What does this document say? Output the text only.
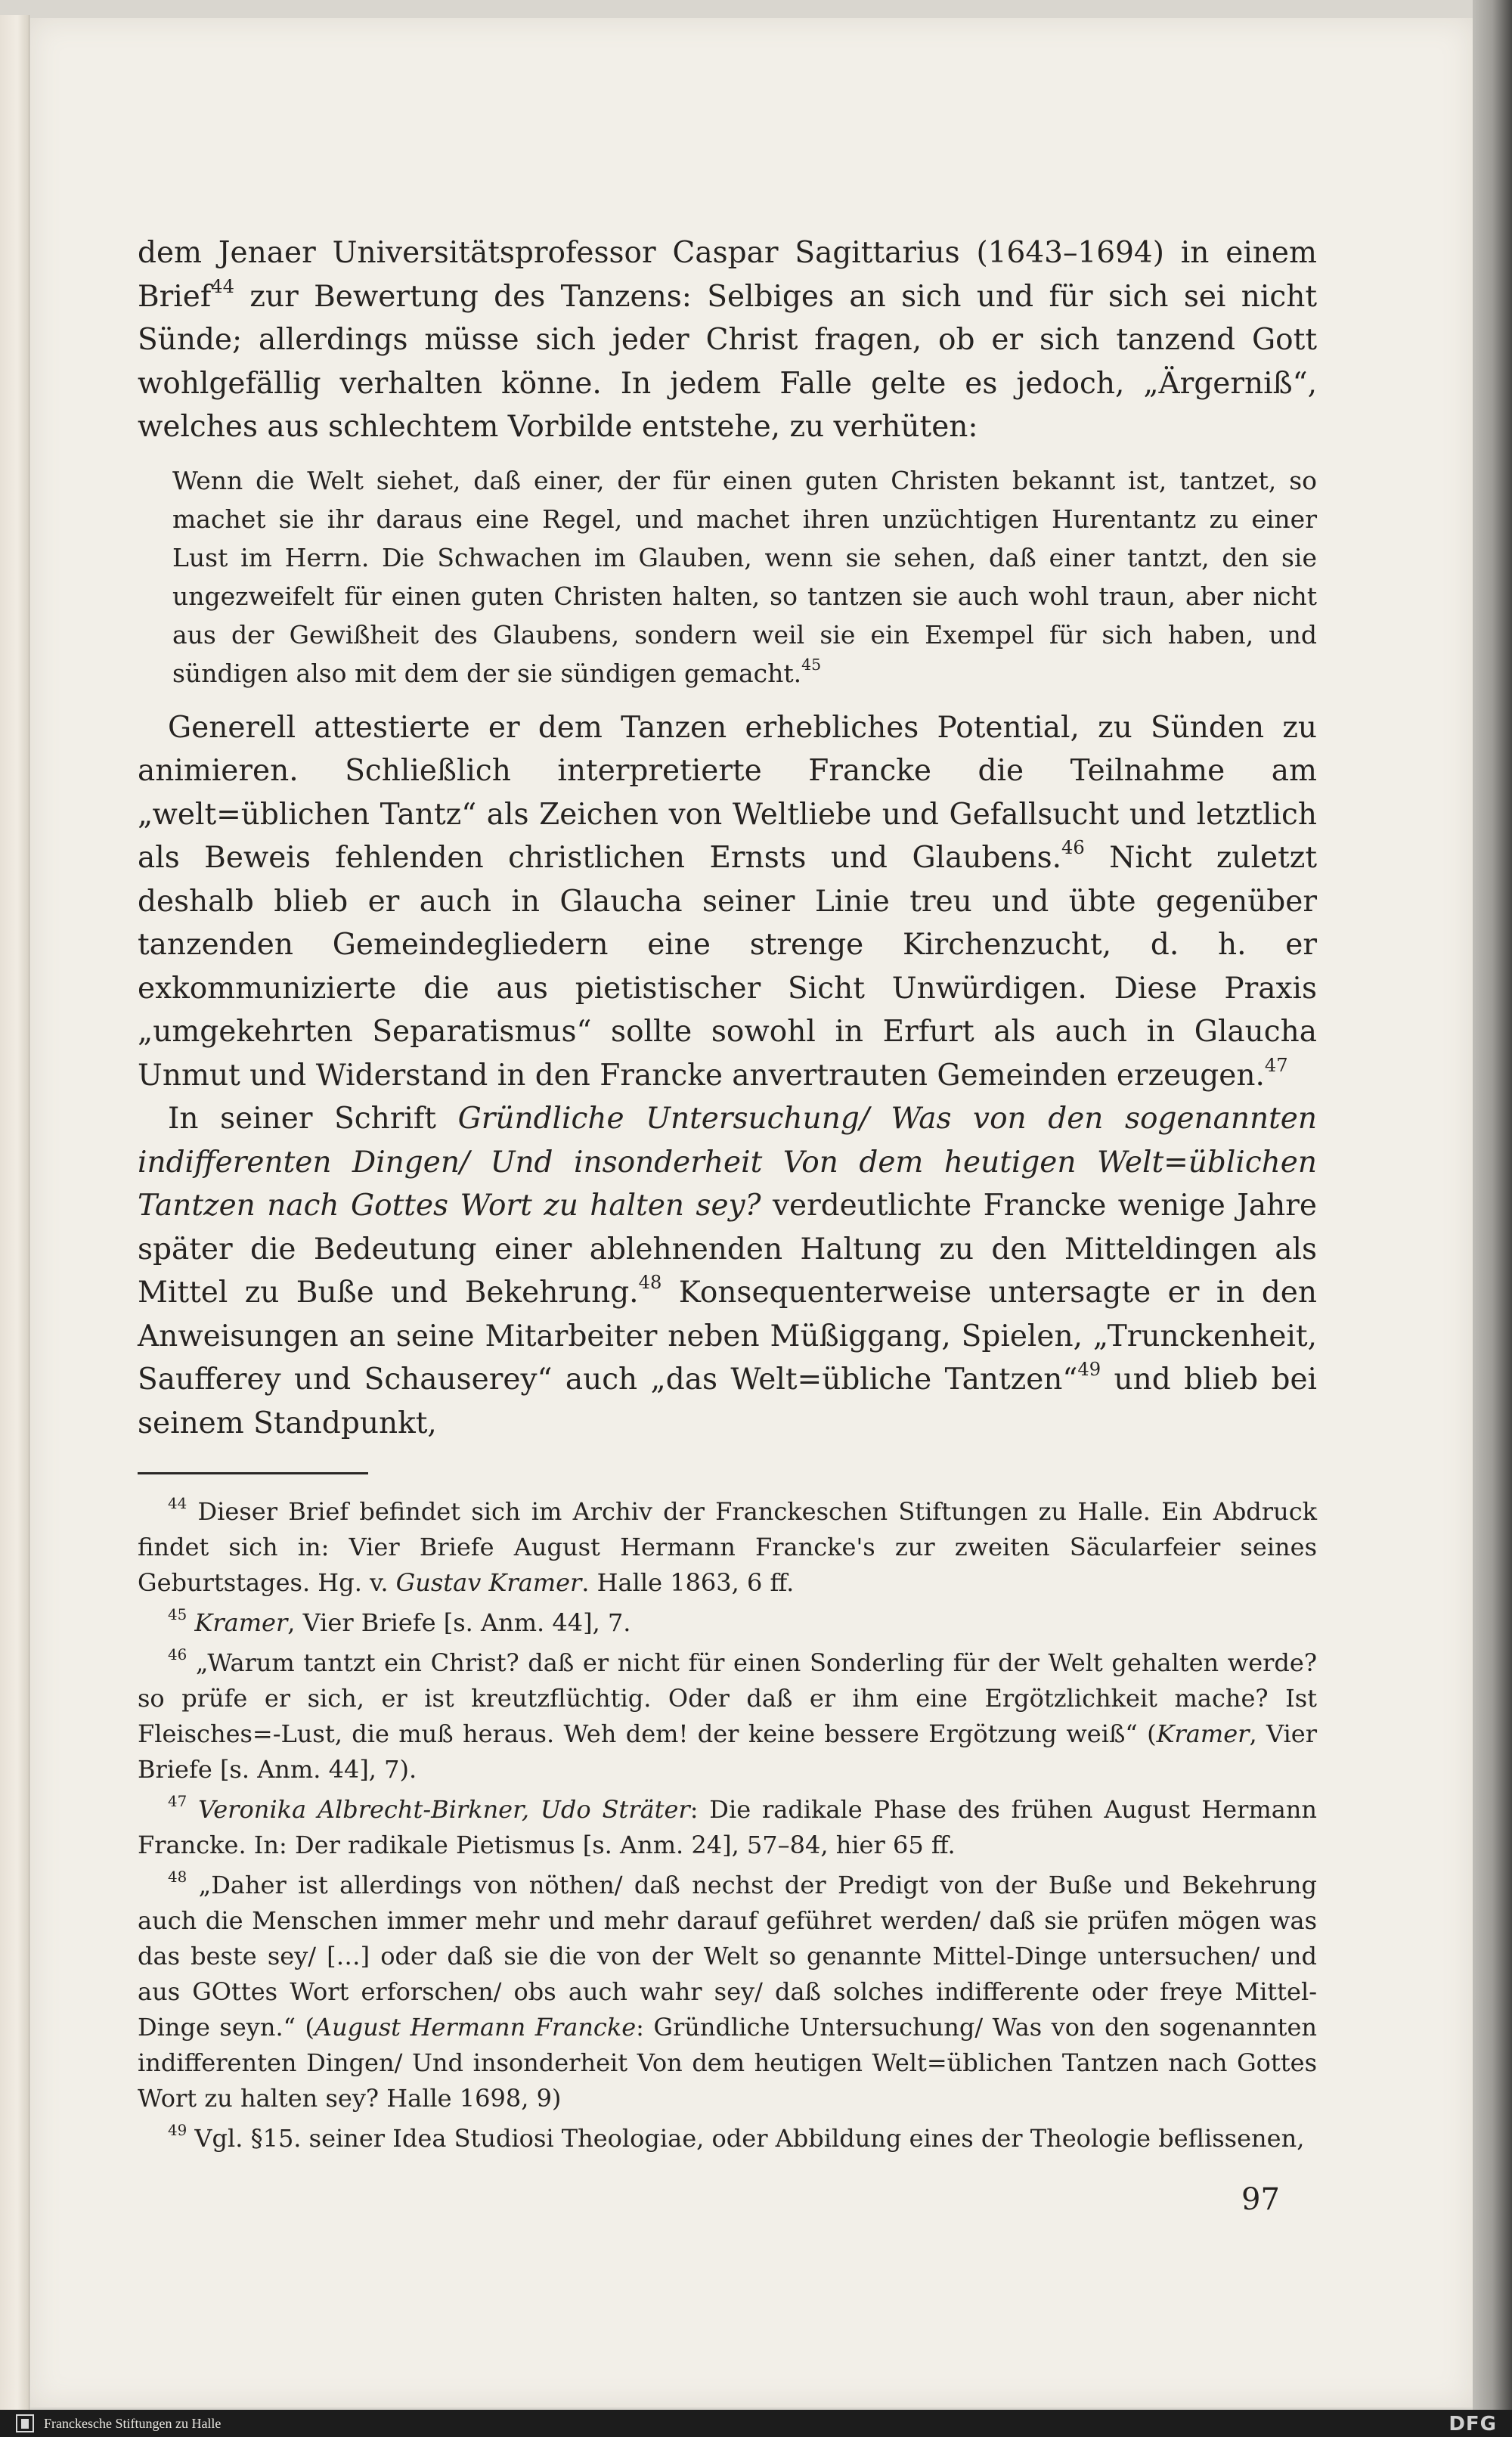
dem Jenaer Universitätsprofessor Caspar Sagittarius (1643–1694) in einem Brief$^{44}$ zur Bewertung des Tanzens: Selbiges an sich und für sich sei nicht Sünde; allerdings müsse sich jeder Christ fragen, ob er sich tanzend Gott wohlgefällig verhalten könne. In jedem Falle gelte es jedoch, „Ärgerniß“, welches aus schlechtem Vorbilde entstehe, zu verhüten:

Wenn die Welt siehet, daß einer, der für einen guten Christen bekannt ist, tantzet, so machet sie ihr daraus eine Regel, und machet ihren unzüchtigen Hurentantz zu einer Lust im Herrn. Die Schwachen im Glauben, wenn sie sehen, daß einer tantzt, den sie ungezweifelt für einen guten Christen halten, so tantzen sie auch wohl traun, aber nicht aus der Gewißheit des Glaubens, sondern weil sie ein Exempel für sich haben, und sündigen also mit dem der sie sündigen gemacht.$^{45}$

Generell attestierte er dem Tanzen erhebliches Potential, zu Sünden zu animieren. Schließlich interpretierte Francke die Teilnahme am „welt=üblichen Tantz“ als Zeichen von Weltliebe und Gefallsucht und letztlich als Beweis fehlenden christlichen Ernsts und Glaubens.$^{46}$ Nicht zuletzt deshalb blieb er auch in Glaucha seiner Linie treu und übte gegenüber tanzenden Gemeindegliedern eine strenge Kirchenzucht, d. h. er exkommunizierte die aus pietistischer Sicht Unwürdigen. Diese Praxis „umgekehrten Separatismus“ sollte sowohl in Erfurt als auch in Glaucha Unmut und Widerstand in den Francke anvertrauten Gemeinden erzeugen.$^{47}$

In seiner Schrift Gründliche Untersuchung/ Was von den sogenannten indifferenten Dingen/ Und insonderheit Von dem heutigen Welt=üblichen Tantzen nach Gottes Wort zu halten sey? verdeutlichte Francke wenige Jahre später die Bedeutung einer ablehnenden Haltung zu den Mitteldingen als Mittel zu Buße und Bekehrung.$^{48}$ Konsequenterweise untersagte er in den Anweisungen an seine Mitarbeiter neben Müßiggang, Spielen, „Trunckenheit, Saufferey und Schauserey“ auch „das Welt=übliche Tantzen“$^{49}$ und blieb bei seinem Standpunkt,

$^{44}$ Dieser Brief befindet sich im Archiv der Franckeschen Stiftungen zu Halle. Ein Abdruck findet sich in: Vier Briefe August Hermann Francke's zur zweiten Säcularfeier seines Geburtstages. Hg. v. Gustav Kramer. Halle 1863, 6 ff.

$^{45}$ Kramer, Vier Briefe [s. Anm. 44], 7.

$^{46}$ „Warum tantzt ein Christ? daß er nicht für einen Sonderling für der Welt gehalten werde? so prüfe er sich, er ist kreutzflüchtig. Oder daß er ihm eine Ergötzlichkeit mache? Ist Fleisches=-Lust, die muß heraus. Weh dem! der keine bessere Ergötzung weiß“ (Kramer, Vier Briefe [s. Anm. 44], 7).

$^{47}$ Veronika Albrecht-Birkner, Udo Sträter: Die radikale Phase des frühen August Hermann Francke. In: Der radikale Pietismus [s. Anm. 24], 57–84, hier 65 ff.

$^{48}$ „Daher ist allerdings von nöthen/ daß nechst der Predigt von der Buße und Bekehrung auch die Menschen immer mehr und mehr darauf geführet werden/ daß sie prüfen mögen was das beste sey/ […] oder daß sie die von der Welt so genannte Mittel-Dinge untersuchen/ und aus GOttes Wort erforschen/ obs auch wahr sey/ daß solches indifferente oder freye Mittel-Dinge seyn.“ (August Hermann Francke: Gründliche Untersuchung/ Was von den sogenannten indifferenten Dingen/ Und insonderheit Von dem heutigen Welt=üblichen Tantzen nach Gottes Wort zu halten sey? Halle 1698, 9)

$^{49}$ Vgl. §15. seiner Idea Studiosi Theologiae, oder Abbildung eines der Theologie beflissenen,

97
Franckesche Stiftungen zu Halle	DFG
